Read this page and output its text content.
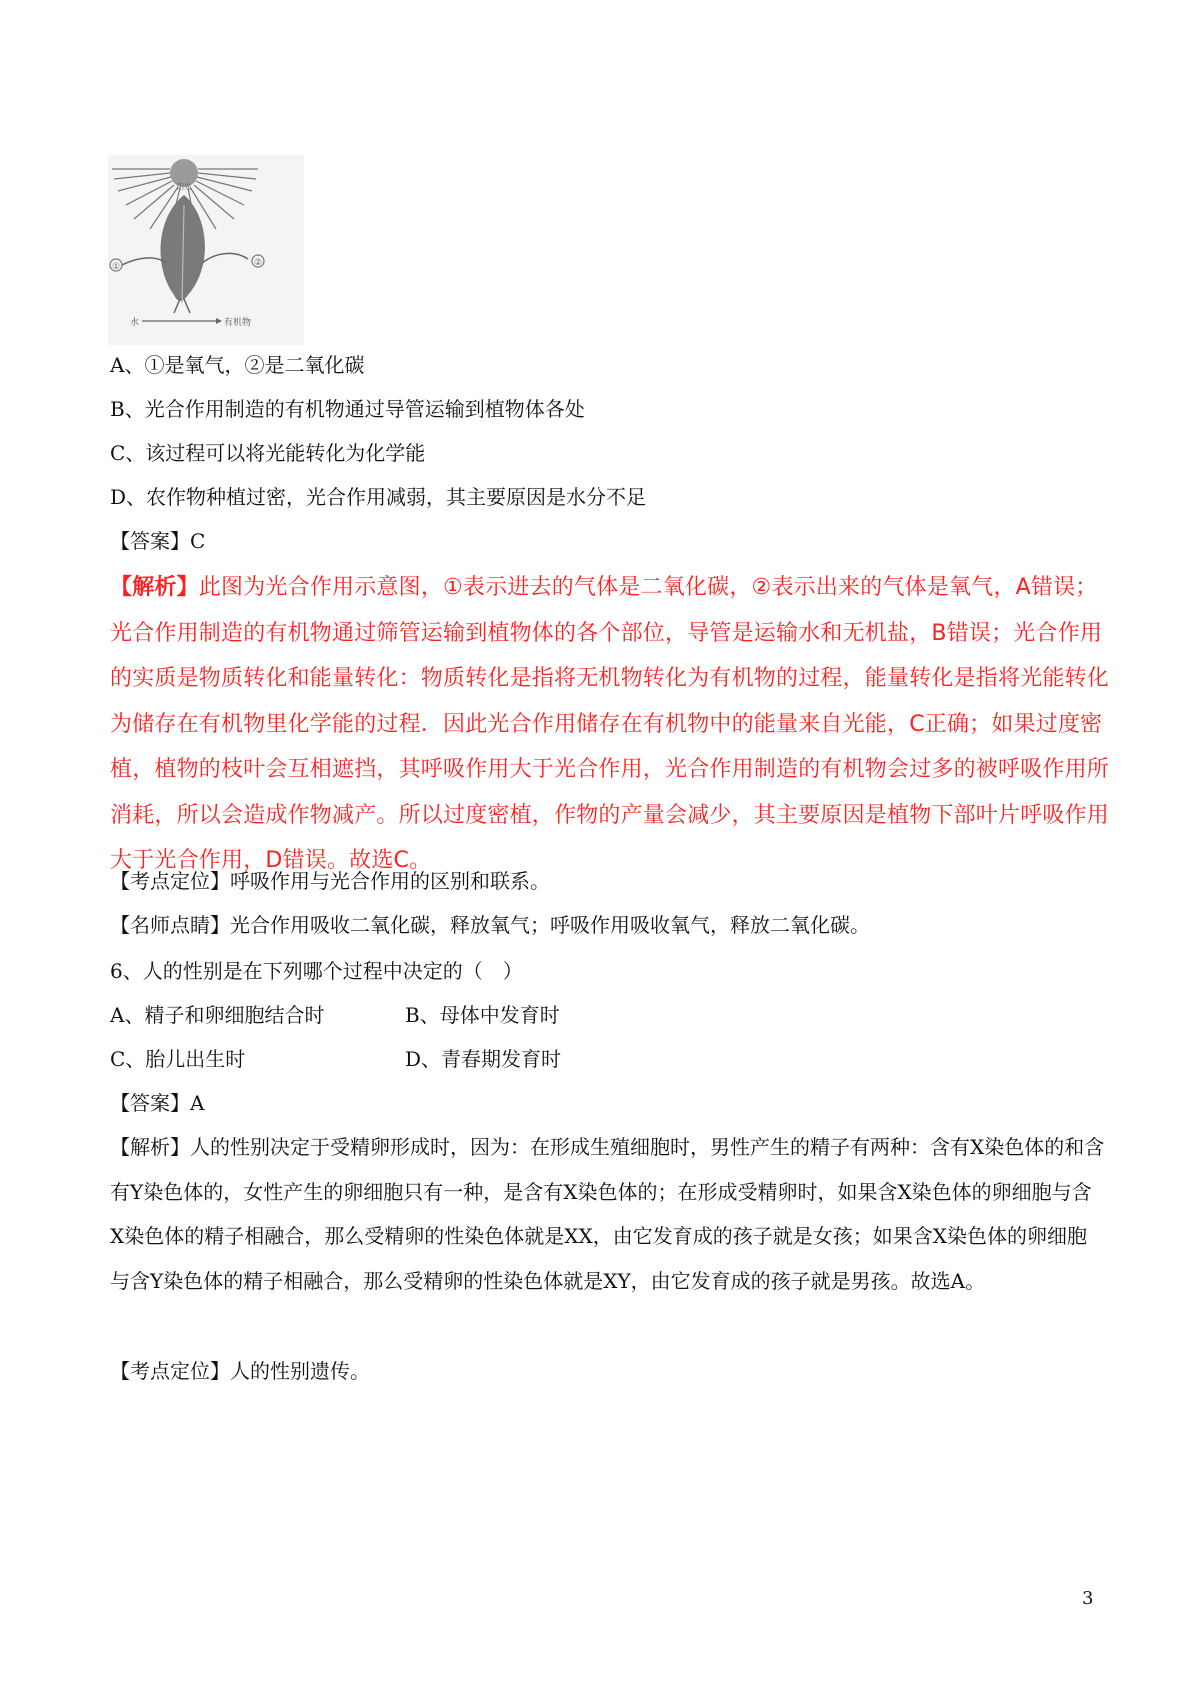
阳光
①	②
水	有机物
A、①是氧气，②是二氧化碳
B、光合作用制造的有机物通过导管运输到植物体各处
C、该过程可以将光能转化为化学能
D、农作物种植过密，光合作用减弱，其主要原因是水分不足
【答案】C
【解析】此图为光合作用示意图，①表示进去的气体是二氧化碳，②表示出来的气体是氧气，A错误；光合作用制造的有机物通过筛管运输到植物体的各个部位，导管是运输水和无机盐，B错误；光合作用的实质是物质转化和能量转化：物质转化是指将无机物转化为有机物的过程，能量转化是指将光能转化为储存在有机物里化学能的过程．因此光合作用储存在有机物中的能量来自光能，C正确；如果过度密植，植物的枝叶会互相遮挡，其呼吸作用大于光合作用，光合作用制造的有机物会过多的被呼吸作用所消耗，所以会造成作物减产。所以过度密植，作物的产量会减少，其主要原因是植物下部叶片呼吸作用大于光合作用，D错误。故选C。
【考点定位】呼吸作用与光合作用的区别和联系。
【名师点睛】光合作用吸收二氧化碳，释放氧气；呼吸作用吸收氧气，释放二氧化碳。
6、人的性别是在下列哪个过程中决定的（　）
A、精子和卵细胞结合时	B、母体中发育时
C、胎儿出生时	D、青春期发育时
【答案】A
【解析】人的性别决定于受精卵形成时，因为：在形成生殖细胞时，男性产生的精子有两种：含有X染色体的和含有Y染色体的，女性产生的卵细胞只有一种，是含有X染色体的；在形成受精卵时，如果含X染色体的卵细胞与含X染色体的精子相融合，那么受精卵的性染色体就是XX，由它发育成的孩子就是女孩；如果含X染色体的卵细胞与含Y染色体的精子相融合，那么受精卵的性染色体就是XY，由它发育成的孩子就是男孩。故选A。
【考点定位】人的性别遗传。
3
